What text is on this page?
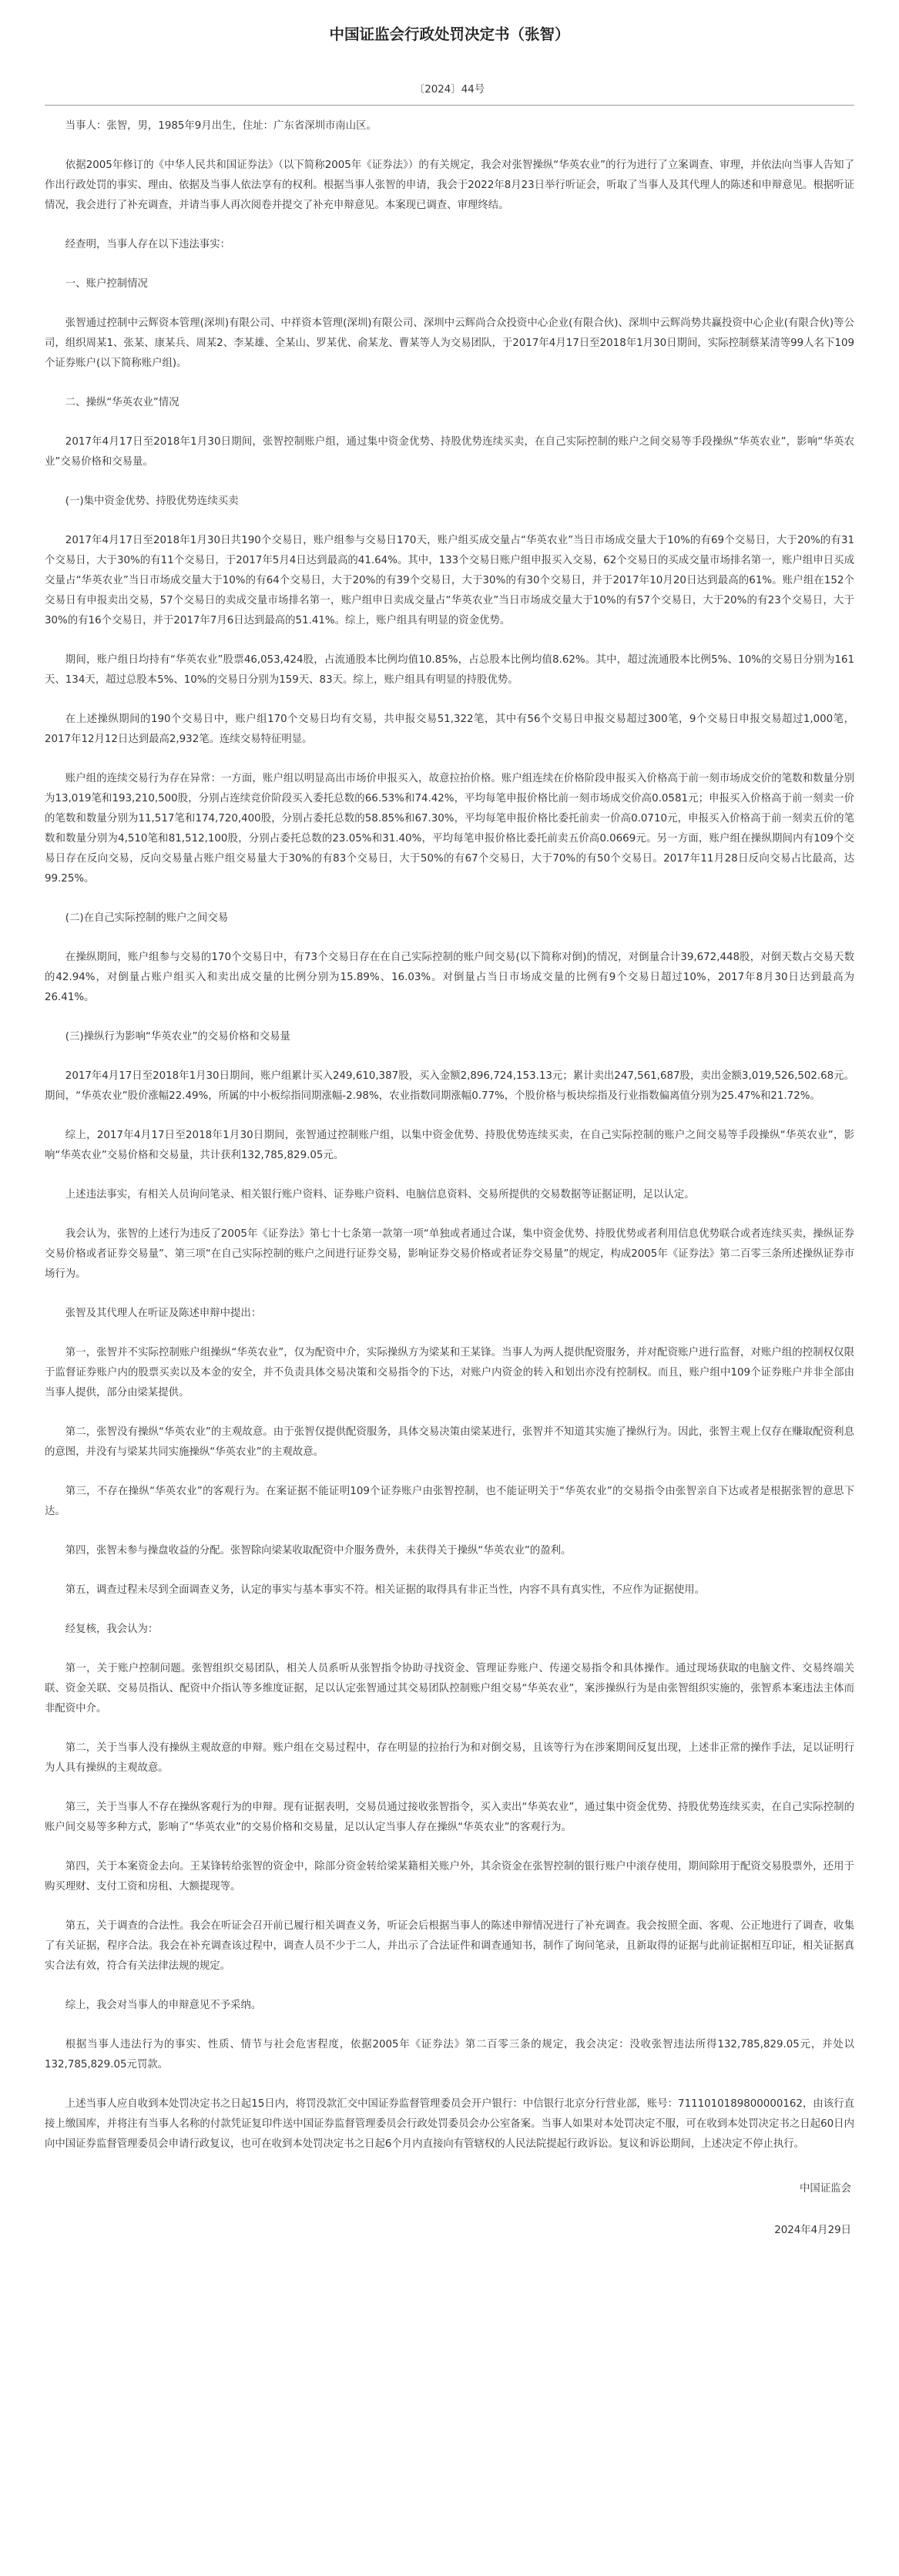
中国证监会行政处罚决定书（张智）
〔2024〕44号

当事人：张智，男，1985年9月出生，住址：广东省深圳市南山区。

依据2005年修订的《中华人民共和国证券法》（以下简称2005年《证券法》）的有关规定，我会对张智操纵“华英农业”的行为进行了立案调查、审理，并依法向当事人告知了作出行政处罚的事实、理由、依据及当事人依法享有的权利。根据当事人张智的申请，我会于2022年8月23日举行听证会，听取了当事人及其代理人的陈述和申辩意见。根据听证情况，我会进行了补充调查，并请当事人再次阅卷并提交了补充申辩意见。本案现已调查、审理终结。

经查明，当事人存在以下违法事实：

一、账户控制情况

张智通过控制中云辉资本管理(深圳)有限公司、中祥资本管理(深圳)有限公司、深圳中云辉尚合众投资中心企业(有限合伙)、深圳中云辉尚势共赢投资中心企业(有限合伙)等公司，组织周某1、张某、康某兵、周某2、李某雄、全某山、罗某优、俞某龙、曹某等人为交易团队，于2017年4月17日至2018年1月30日期间，实际控制蔡某清等99人名下109个证券账户(以下简称账户组)。

二、操纵“华英农业”情况

2017年4月17日至2018年1月30日期间，张智控制账户组，通过集中资金优势、持股优势连续买卖，在自己实际控制的账户之间交易等手段操纵“华英农业”，影响“华英农业”交易价格和交易量。

(一)集中资金优势、持股优势连续买卖

2017年4月17日至2018年1月30日共190个交易日，账户组参与交易日170天，账户组买成交量占“华英农业”当日市场成交量大于10%的有69个交易日，大于20%的有31个交易日，大于30%的有11个交易日，于2017年5月4日达到最高的41.64%。其中，133个交易日账户组申报买入交易，62个交易日的买成交量市场排名第一，账户组申日买成交量占“华英农业”当日市场成交量大于10%的有64个交易日，大于20%的有39个交易日，大于30%的有30个交易日，并于2017年10月20日达到最高的61%。账户组在152个交易日有申报卖出交易，57个交易日的卖成交量市场排名第一，账户组申日卖成交量占“华英农业”当日市场成交量大于10%的有57个交易日，大于20%的有23个交易日，大于30%的有16个交易日，并于2017年7月6日达到最高的51.41%。综上，账户组具有明显的资金优势。

期间，账户组日均持有“华英农业”股票46,053,424股，占流通股本比例均值10.85%，占总股本比例均值8.62%。其中，超过流通股本比例5%、10%的交易日分别为161天、134天，超过总股本5%、10%的交易日分别为159天、83天。综上，账户组具有明显的持股优势。

在上述操纵期间的190个交易日中，账户组170个交易日均有交易，共申报交易51,322笔，其中有56个交易日申报交易超过300笔，9个交易日申报交易超过1,000笔，2017年12月12日达到最高2,932笔。连续交易特征明显。

账户组的连续交易行为存在异常：一方面，账户组以明显高出市场价申报买入，故意拉抬价格。账户组连续在价格阶段申报买入价格高于前一刻市场成交价的笔数和数量分别为13,019笔和193,210,500股，分别占连续竞价阶段买入委托总数的66.53%和74.42%，平均每笔申报价格比前一刻市场成交价高0.0581元；申报买入价格高于前一刻卖一价的笔数和数量分别为11,517笔和174,720,400股，分别占委托总数的58.85%和67.30%，平均每笔申报价格比委托前卖一价高0.0710元，申报买入价格高于前一刻卖五价的笔数和数量分别为4,510笔和81,512,100股，分别占委托总数的23.05%和31.40%，平均每笔申报价格比委托前卖五价高0.0669元。另一方面，账户组在操纵期间内有109个交易日存在反向交易，反向交易量占账户组交易量大于30%的有83个交易日，大于50%的有67个交易日，大于70%的有50个交易日。2017年11月28日反向交易占比最高，达99.25%。

(二)在自己实际控制的账户之间交易

在操纵期间，账户组参与交易的170个交易日中，有73个交易日存在在自己实际控制的账户间交易(以下简称对倒)的情况，对倒量合计39,672,448股，对倒天数占交易天数的42.94%，对倒量占账户组买入和卖出成交量的比例分别为15.89%、16.03%。对倒量占当日市场成交量的比例有9个交易日超过10%，2017年8月30日达到最高为26.41%。

(三)操纵行为影响“华英农业”的交易价格和交易量

2017年4月17日至2018年1月30日期间，账户组累计买入249,610,387股，买入金额2,896,724,153.13元；累计卖出247,561,687股，卖出金额3,019,526,502.68元。期间，“华英农业”股价涨幅22.49%，所属的中小板综指同期涨幅-2.98%，农业指数同期涨幅0.77%，个股价格与板块综指及行业指数偏离值分别为25.47%和21.72%。

综上，2017年4月17日至2018年1月30日期间，张智通过控制账户组，以集中资金优势、持股优势连续买卖，在自己实际控制的账户之间交易等手段操纵“华英农业”，影响“华英农业”交易价格和交易量，共计获利132,785,829.05元。

上述违法事实，有相关人员询问笔录、相关银行账户资料、证券账户资料、电脑信息资料、交易所提供的交易数据等证据证明，足以认定。

我会认为，张智的上述行为违反了2005年《证券法》第七十七条第一款第一项“单独或者通过合谋，集中资金优势、持股优势或者利用信息优势联合或者连续买卖，操纵证券交易价格或者证券交易量”、第三项“在自己实际控制的账户之间进行证券交易，影响证券交易价格或者证券交易量”的规定，构成2005年《证券法》第二百零三条所述操纵证券市场行为。

张智及其代理人在听证及陈述申辩中提出：

第一，张智并不实际控制账户组操纵“华英农业”，仅为配资中介，实际操纵方为梁某和王某锋。当事人为两人提供配资服务，并对配资账户进行监督，对账户组的控制权仅限于监督证券账户内的股票买卖以及本金的安全，并不负责具体交易决策和交易指令的下达，对账户内资金的转入和划出亦没有控制权。而且，账户组中109个证券账户并非全部由当事人提供，部分由梁某提供。

第二，张智没有操纵“华英农业”的主观故意。由于张智仅提供配资服务，具体交易决策由梁某进行，张智并不知道其实施了操纵行为。因此，张智主观上仅存在赚取配资利息的意图，并没有与梁某共同实施操纵“华英农业”的主观故意。

第三，不存在操纵“华英农业”的客观行为。在案证据不能证明109个证券账户由张智控制，也不能证明关于“华英农业”的交易指令由张智亲自下达或者是根据张智的意思下达。

第四，张智未参与操盘收益的分配。张智除向梁某收取配资中介服务费外，未获得关于操纵“华英农业”的盈利。

第五，调查过程未尽到全面调查义务，认定的事实与基本事实不符。相关证据的取得具有非正当性，内容不具有真实性，不应作为证据使用。

经复核，我会认为：

第一，关于账户控制问题。张智组织交易团队，相关人员系听从张智指令协助寻找资金、管理证券账户、传递交易指令和具体操作。通过现场获取的电脑文件、交易终端关联、资金关联、交易员指认、配资中介指认等多维度证据，足以认定张智通过其交易团队控制账户组交易“华英农业”，案涉操纵行为是由张智组织实施的，张智系本案违法主体而非配资中介。

第二，关于当事人没有操纵主观故意的申辩。账户组在交易过程中，存在明显的拉抬行为和对倒交易，且该等行为在涉案期间反复出现，上述非正常的操作手法，足以证明行为人具有操纵的主观故意。

第三，关于当事人不存在操纵客观行为的申辩。现有证据表明，交易员通过接收张智指令，买入卖出“华英农业”，通过集中资金优势、持股优势连续买卖，在自己实际控制的账户间交易等多种方式，影响了“华英农业”的交易价格和交易量，足以认定当事人存在操纵“华英农业”的客观行为。

第四，关于本案资金去向。王某锋转给张智的资金中，除部分资金转给梁某籍相关账户外，其余资金在张智控制的银行账户中滚存使用，期间除用于配资交易股票外，还用于购买理财、支付工资和房租、大额提现等。

第五，关于调查的合法性。我会在听证会召开前已履行相关调查义务，听证会后根据当事人的陈述申辩情况进行了补充调查。我会按照全面、客观、公正地进行了调查，收集了有关证据，程序合法。我会在补充调查该过程中，调查人员不少于二人，并出示了合法证件和调查通知书，制作了询问笔录，且新取得的证据与此前证据相互印证，相关证据真实合法有效，符合有关法律法规的规定。

综上，我会对当事人的申辩意见不予采纳。

根据当事人违法行为的事实、性质、情节与社会危害程度，依据2005年《证券法》第二百零三条的规定，我会决定：没收张智违法所得132,785,829.05元，并处以132,785,829.05元罚款。

上述当事人应自收到本处罚决定书之日起15日内，将罚没款汇交中国证券监督管理委员会开户银行：中信银行北京分行营业部，账号：7111010189800000162，由该行直接上缴国库，并将注有当事人名称的付款凭证复印件送中国证券监督管理委员会行政处罚委员会办公室备案。当事人如果对本处罚决定不服，可在收到本处罚决定书之日起60日内向中国证券监督管理委员会申请行政复议，也可在收到本处罚决定书之日起6个月内直接向有管辖权的人民法院提起行政诉讼。复议和诉讼期间，上述决定不停止执行。

中国证监会
2024年4月29日
